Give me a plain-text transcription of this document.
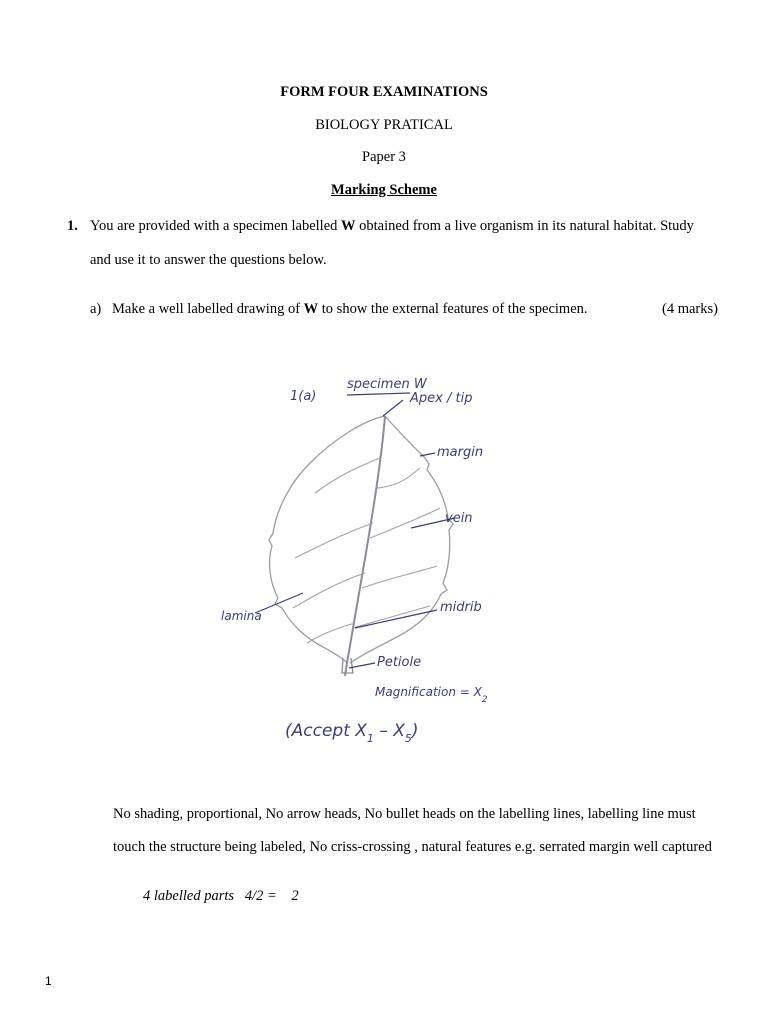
FORM FOUR EXAMINATIONS
BIOLOGY PRATICAL
Paper 3
Marking Scheme
1. You are provided with a specimen labelled W obtained from a live organism in its natural habitat. Study
and use it to answer the questions below.
a) Make a well labelled drawing of W to show the external features of the specimen.	(4 marks)
1(a)
specimen W
Apex / tip
margin
vein
midrib
lamina
Petiole
Magnification = $X_2$
(Accept $X_1 - X_5$)
No shading, proportional, No arrow heads, No bullet heads on the labelling lines, labelling line must
touch the structure being labeled, No criss-crossing , natural features e.g. serrated margin well captured
4 labelled parts   4/2 =    2
1
